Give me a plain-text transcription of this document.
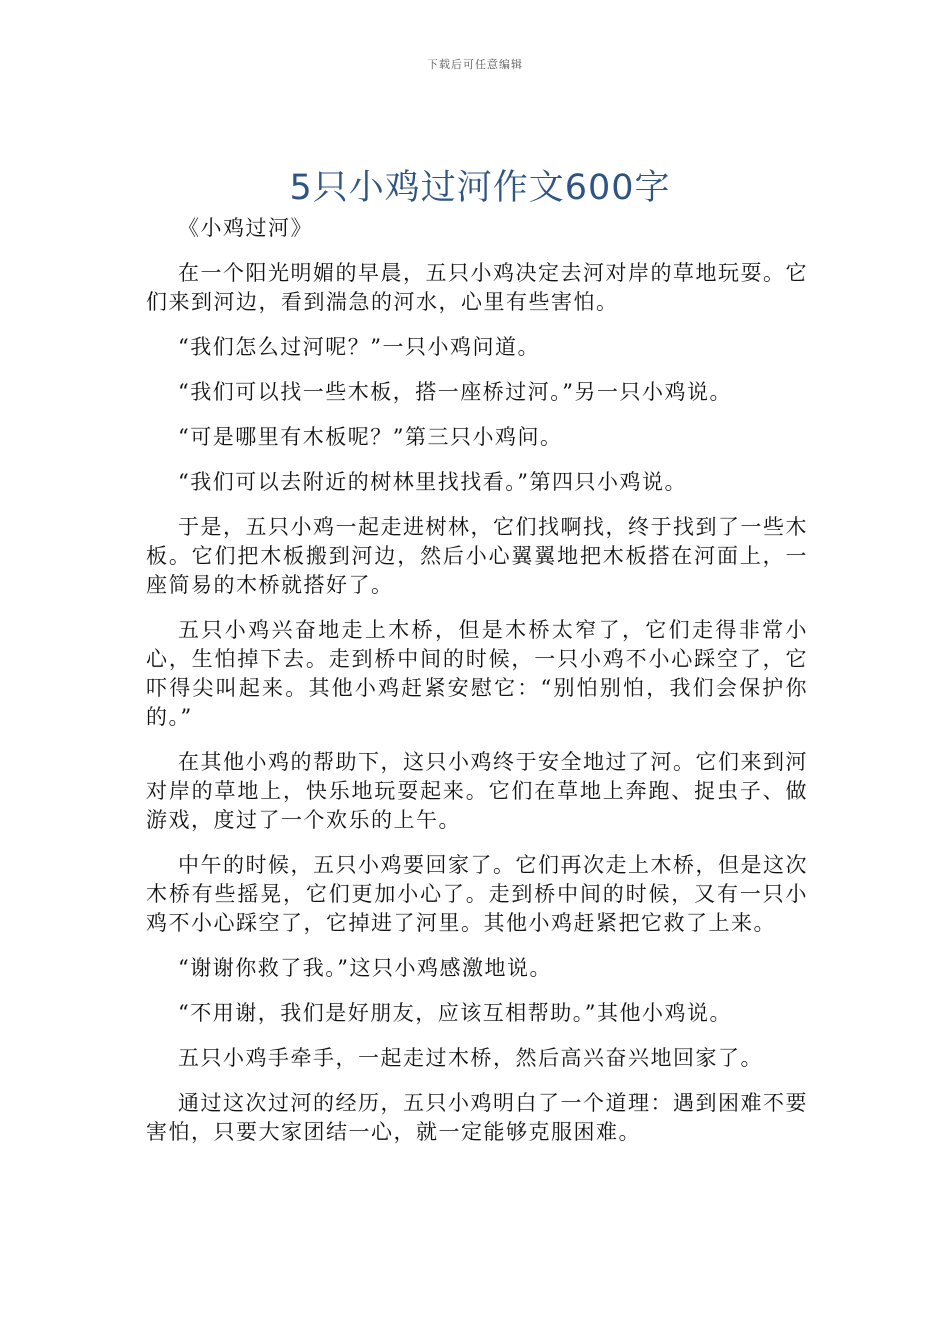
下载后可任意编辑
5只小鸡过河作文600字

《小鸡过河》

在一个阳光明媚的早晨，五只小鸡决定去河对岸的草地玩耍。它们来到河边，看到湍急的河水，心里有些害怕。

“我们怎么过河呢？”一只小鸡问道。

“我们可以找一些木板，搭一座桥过河。”另一只小鸡说。

“可是哪里有木板呢？”第三只小鸡问。

“我们可以去附近的树林里找找看。”第四只小鸡说。

于是，五只小鸡一起走进树林，它们找啊找，终于找到了一些木板。它们把木板搬到河边，然后小心翼翼地把木板搭在河面上，一座简易的木桥就搭好了。

五只小鸡兴奋地走上木桥，但是木桥太窄了，它们走得非常小心，生怕掉下去。走到桥中间的时候，一只小鸡不小心踩空了，它吓得尖叫起来。其他小鸡赶紧安慰它：“别怕别怕，我们会保护你的。”

在其他小鸡的帮助下，这只小鸡终于安全地过了河。它们来到河对岸的草地上，快乐地玩耍起来。它们在草地上奔跑、捉虫子、做游戏，度过了一个欢乐的上午。

中午的时候，五只小鸡要回家了。它们再次走上木桥，但是这次木桥有些摇晃，它们更加小心了。走到桥中间的时候，又有一只小鸡不小心踩空了，它掉进了河里。其他小鸡赶紧把它救了上来。

“谢谢你救了我。”这只小鸡感激地说。

“不用谢，我们是好朋友，应该互相帮助。”其他小鸡说。

五只小鸡手牵手，一起走过木桥，然后高兴奋兴地回家了。

通过这次过河的经历，五只小鸡明白了一个道理：遇到困难不要害怕，只要大家团结一心，就一定能够克服困难。
